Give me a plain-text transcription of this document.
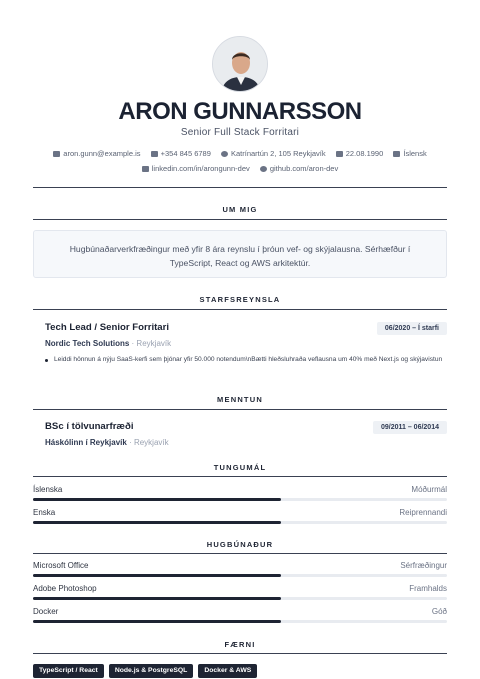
ARON GUNNARSSON
Senior Full Stack Forritari
aron.gunn@example.is	+354 845 6789	Katrínartún 2, 105 Reykjavík	22.08.1990	Íslensk
linkedin.com/in/arongunn-dev	github.com/aron-dev
UM MIG
Hugbúnaðarverkfræðingur með yfir 8 ára reynslu í þróun vef- og skýjalausna. Sérhæfður í TypeScript, React og AWS arkitektúr.
STARFSREYNSLA
Tech Lead / Senior Forritari	06/2020 – Í starfi
Nordic Tech Solutions · Reykjavík
Leiddi hönnun á nýju SaaS-kerfi sem þjónar yfir 50.000 notendum\nBætti hleðsluhraða veflausna um 40% með Next.js og skýjavistun
MENNTUN
BSc í tölvunarfræði	09/2011 – 06/2014
Háskólinn í Reykjavík · Reykjavík
TUNGUMÁL
Íslenska	Móðurmál
Enska	Reiprennandi
HUGBÚNAÐUR
Microsoft Office	Sérfræðingur
Adobe Photoshop	Framhalds
Docker	Góð
FÆRNI
TypeScript / React	Node.js & PostgreSQL	Docker & AWS
